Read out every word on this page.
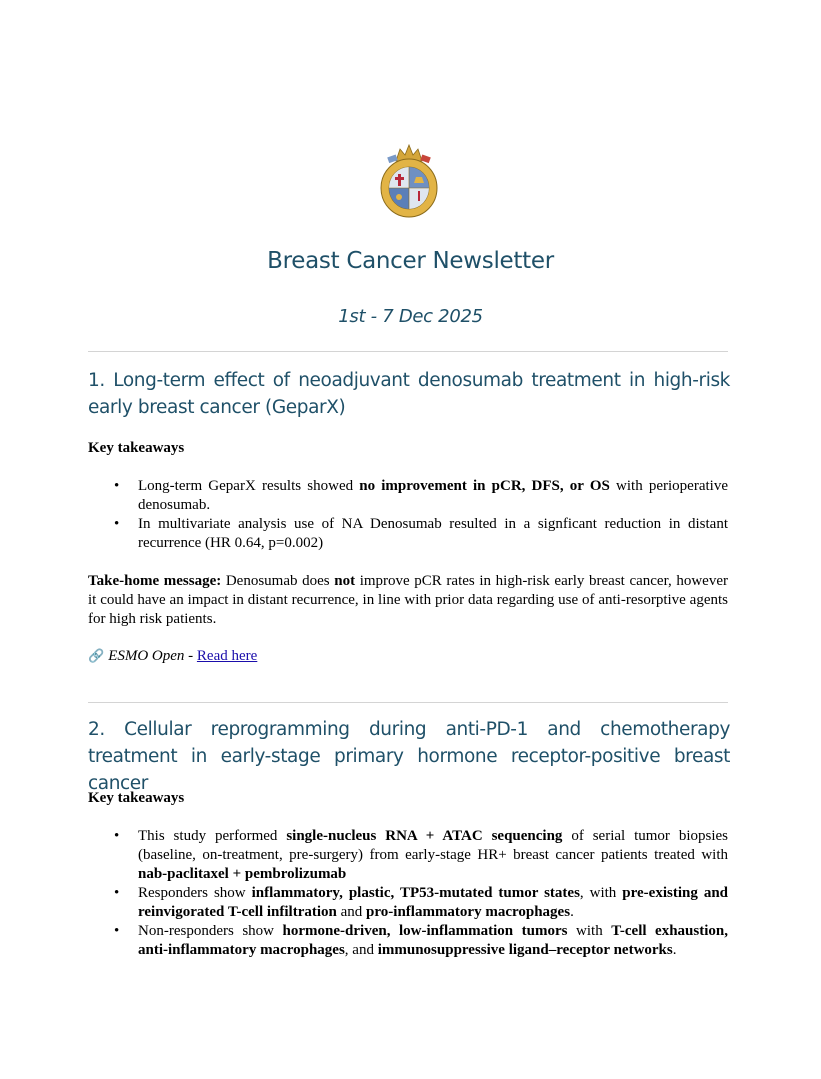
Breast Cancer Newsletter
1st - 7 Dec 2025
1. Long-term effect of neoadjuvant denosumab treatment in high-risk early breast cancer (GeparX)
Key takeaways
• Long-term GeparX results showed no improvement in pCR, DFS, or OS with perioperative denosumab.
• In multivariate analysis use of NA Denosumab resulted in a signficant reduction in distant recurrence (HR 0.64, p=0.002)
Take-home message: Denosumab does not improve pCR rates in high-risk early breast cancer, however it could have an impact in distant recurrence, in line with prior data regarding use of anti-resorptive agents for high risk patients.
🔗 ESMO Open - Read here
2. Cellular reprogramming during anti-PD-1 and chemotherapy treatment in early-stage primary hormone receptor-positive breast cancer
Key takeaways
• This study performed single-nucleus RNA + ATAC sequencing of serial tumor biopsies (baseline, on-treatment, pre-surgery) from early-stage HR+ breast cancer patients treated with nab-paclitaxel + pembrolizumab
• Responders show inflammatory, plastic, TP53-mutated tumor states, with pre-existing and reinvigorated T-cell infiltration and pro-inflammatory macrophages.
• Non-responders show hormone-driven, low-inflammation tumors with T-cell exhaustion, anti-inflammatory macrophages, and immunosuppressive ligand–receptor networks.
